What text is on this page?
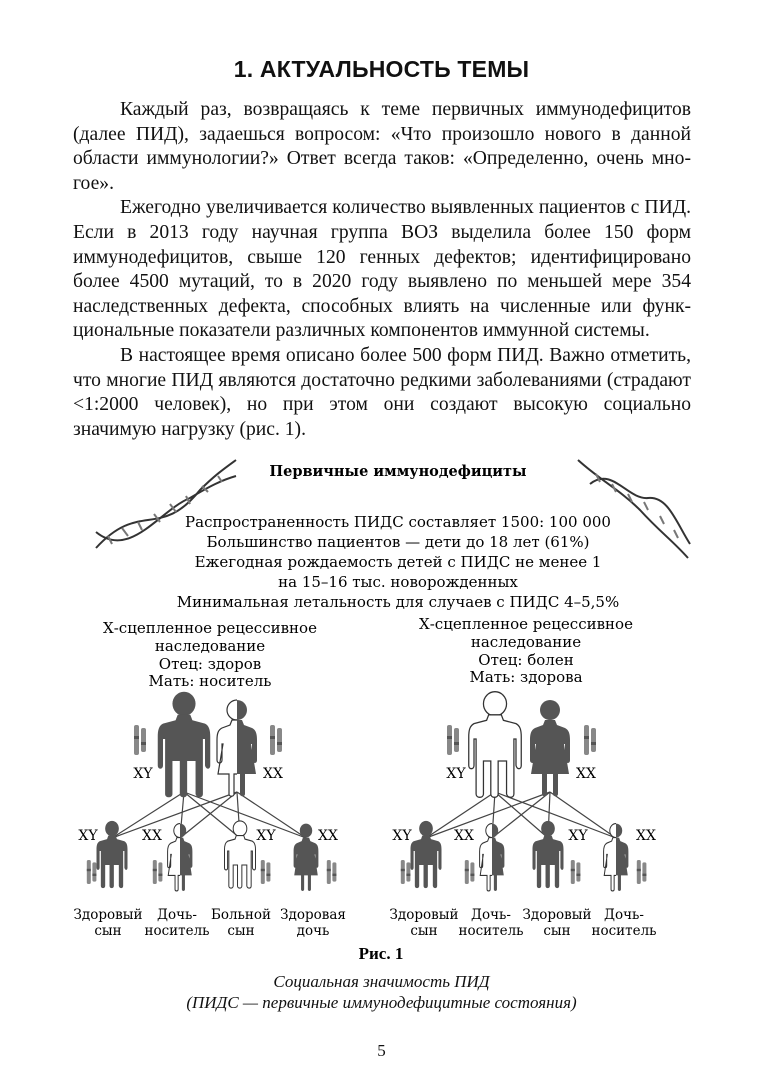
1. АКТУАЛЬНОСТЬ ТЕМЫ

Каждый раз, возвращаясь к теме первичных иммунодефицитов (далее ПИД), задаешься вопросом: «Что произошло нового в данной области иммунологии?» Ответ всегда таков: «Определенно, очень многое».

Ежегодно увеличивается количество выявленных пациентов с ПИД. Если в 2013 году научная группа ВОЗ выделила более 150 форм иммунодефицитов, свыше 120 генных дефектов; идентифицировано более 4500 мутаций, то в 2020 году выявлено по меньшей мере 354 наследственных дефекта, способных влиять на численные или функциональные показатели различных компонентов иммунной системы.

В настоящее время описано более 500 форм ПИД. Важно отметить, что многие ПИД являются достаточно редкими заболеваниями (страдают <1:2000 человек), но при этом они создают высокую социально значимую нагрузку (рис. 1).

Первичные иммунодефициты
Распространенность ПИДС составляет 1500: 100 000
Большинство пациентов — дети до 18 лет (61%)
Ежегодная рождаемость детей с ПИДС не менее 1
на 15–16 тыс. новорожденных
Минимальная летальность для случаев с ПИДС 4–5,5%
Х-сцепленное рецессивное
наследование
Отец: здоров
Мать: носитель
XY	XX
XY	XX	XY	XX
Здоровый
сын
Дочь-
носитель
Больной
сын
Здоровая
дочь
Х-сцепленное рецессивное
наследование
Отец: болен
Мать: здорова
XY	XX
XY	XX	XY	XX
Здоровый
сын
Дочь-
носитель
Здоровый
сын
Дочь-
носитель
Рис. 1
Социальная значимость ПИД
(ПИДС — первичные иммунодефицитные состояния)
5
